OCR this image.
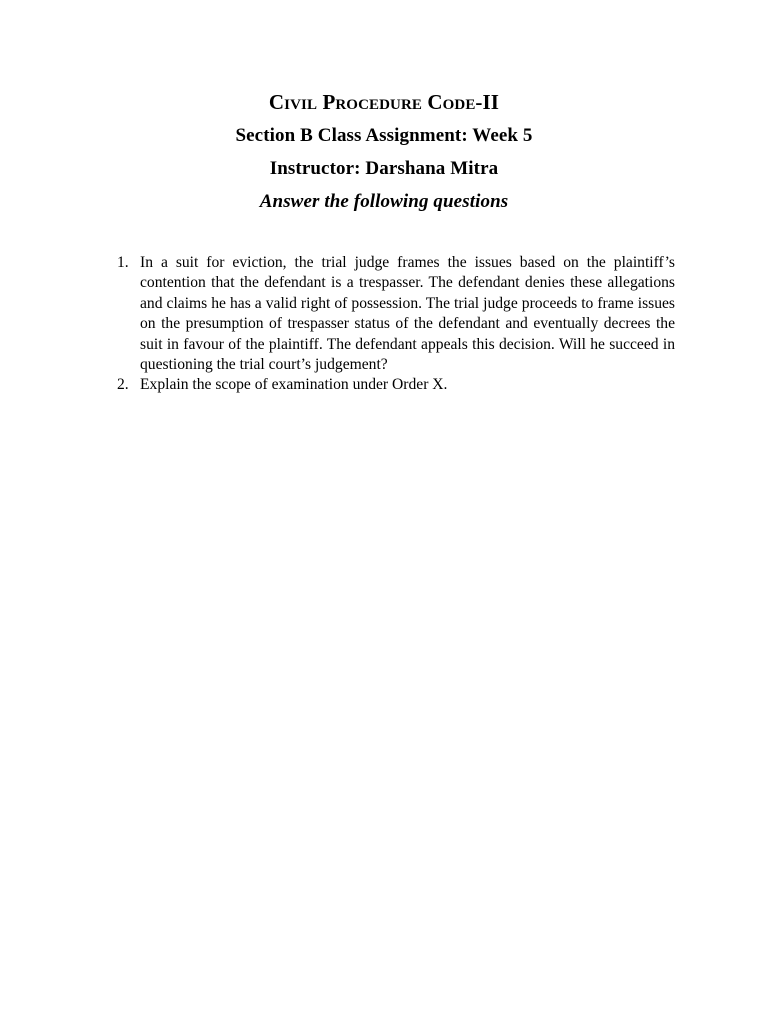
Civil Procedure Code-II
Section B Class Assignment: Week 5
Instructor: Darshana Mitra
Answer the following questions
1. In a suit for eviction, the trial judge frames the issues based on the plaintiff’s contention that the defendant is a trespasser. The defendant denies these allegations and claims he has a valid right of possession. The trial judge proceeds to frame issues on the presumption of trespasser status of the defendant and eventually decrees the suit in favour of the plaintiff. The defendant appeals this decision. Will he succeed in questioning the trial court’s judgement?
2. Explain the scope of examination under Order X.
